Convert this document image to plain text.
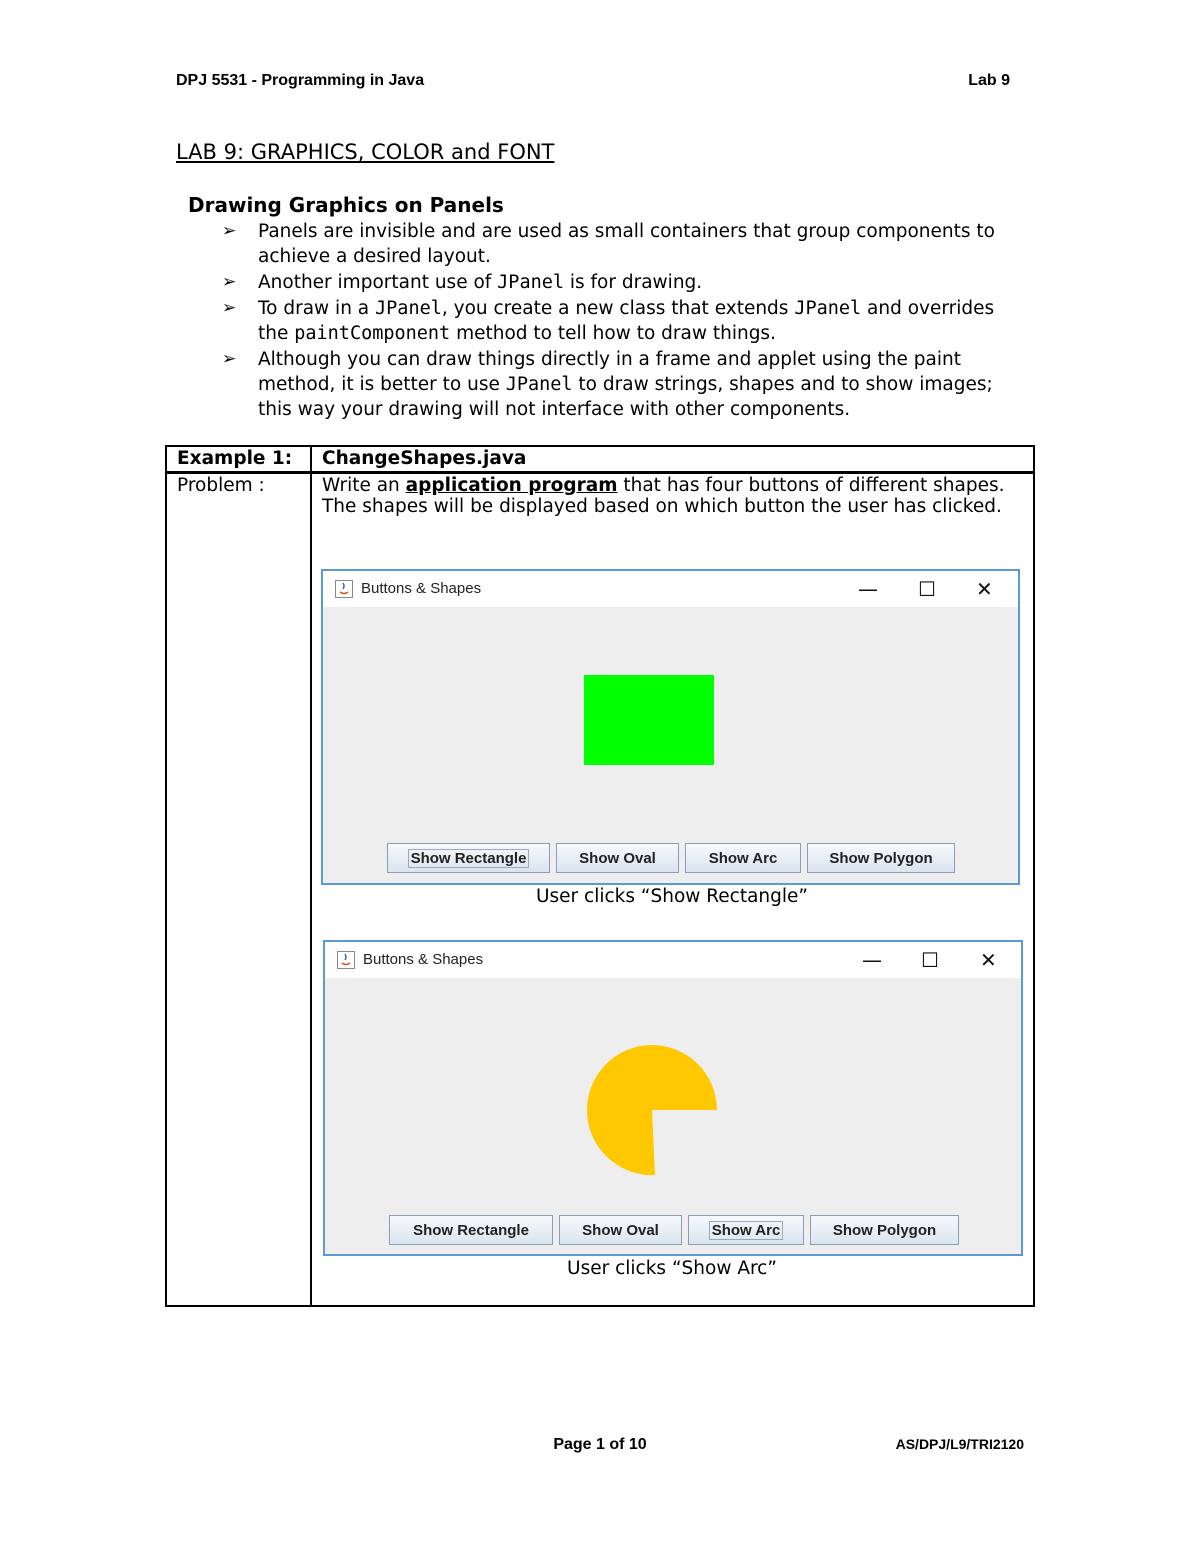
DPJ 5531 - Programming in Java	Lab 9
LAB 9: GRAPHICS, COLOR and FONT
Drawing Graphics on Panels
➢ Panels are invisible and are used as small containers that group components to achieve a desired layout.
➢ Another important use of JPanel is for drawing.
➢ To draw in a JPanel, you create a new class that extends JPanel and overrides the paintComponent method to tell how to draw things.
➢ Although you can draw things directly in a frame and applet using the paint method, it is better to use JPanel to draw strings, shapes and to show images; this way your drawing will not interface with other components.
Example 1:	ChangeShapes.java
Problem :	Write an application program that has four buttons of different shapes. The shapes will be displayed based on which button the user has clicked.
Buttons & Shapes	— ☐ ✕
Show Rectangle	Show Oval	Show Arc	Show Polygon
User clicks “Show Rectangle”
Buttons & Shapes	— ☐ ✕
Show Rectangle	Show Oval	Show Arc	Show Polygon
User clicks “Show Arc”
Page 1 of 10	AS/DPJ/L9/TRI2120
